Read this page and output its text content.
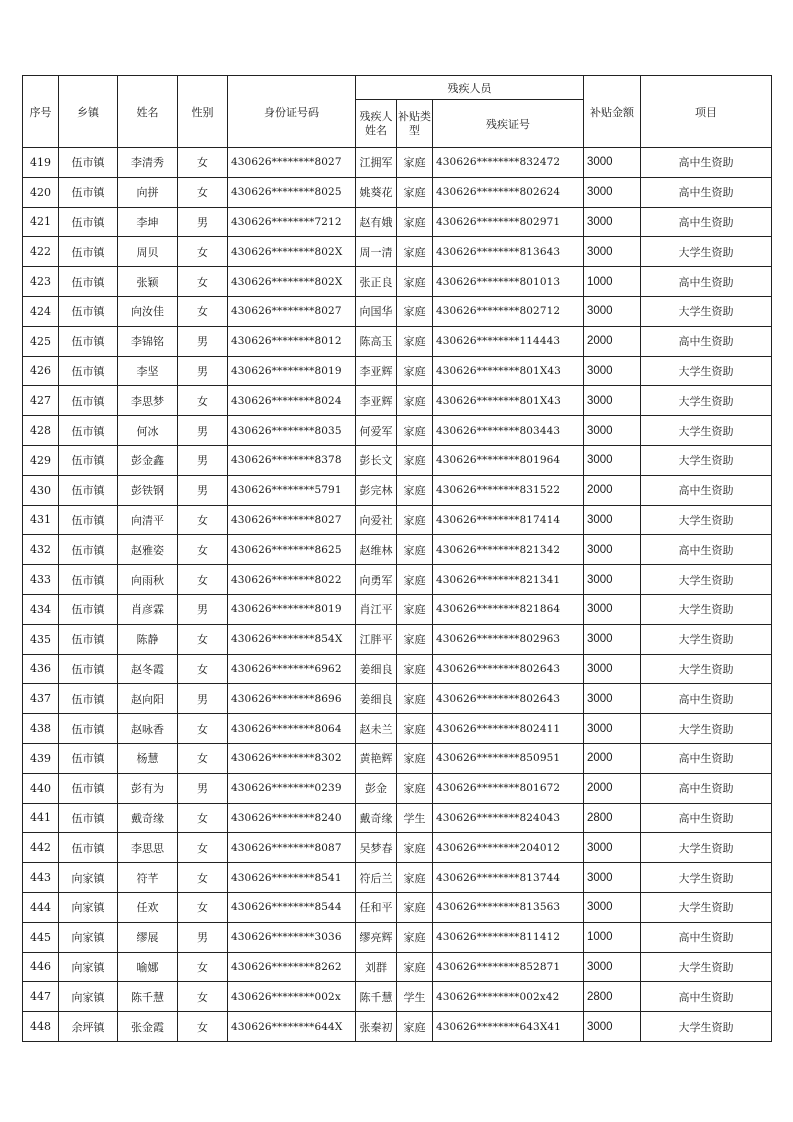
序号	乡镇	姓名	性别	身份证号码	残疾人员			补贴金额	项目
					残疾人姓名	补贴类型	残疾证号		
419	伍市镇	李清秀	女	430626********8027	江拥军	家庭	430626********832472	3000	高中生资助
420	伍市镇	向拼	女	430626********8025	姚葵花	家庭	430626********802624	3000	高中生资助
421	伍市镇	李坤	男	430626********7212	赵有娥	家庭	430626********802971	3000	高中生资助
422	伍市镇	周贝	女	430626********802X	周一清	家庭	430626********813643	3000	大学生资助
423	伍市镇	张颖	女	430626********802X	张正良	家庭	430626********801013	1000	高中生资助
424	伍市镇	向汝佳	女	430626********8027	向国华	家庭	430626********802712	3000	大学生资助
425	伍市镇	李锦铭	男	430626********8012	陈高玉	家庭	430626********114443	2000	高中生资助
426	伍市镇	李坚	男	430626********8019	李亚辉	家庭	430626********801X43	3000	大学生资助
427	伍市镇	李思梦	女	430626********8024	李亚辉	家庭	430626********801X43	3000	大学生资助
428	伍市镇	何冰	男	430626********8035	何爱军	家庭	430626********803443	3000	大学生资助
429	伍市镇	彭金鑫	男	430626********8378	彭长文	家庭	430626********801964	3000	大学生资助
430	伍市镇	彭铁钢	男	430626********5791	彭完林	家庭	430626********831522	2000	高中生资助
431	伍市镇	向清平	女	430626********8027	向爱社	家庭	430626********817414	3000	大学生资助
432	伍市镇	赵雅姿	女	430626********8625	赵维林	家庭	430626********821342	3000	高中生资助
433	伍市镇	向雨秋	女	430626********8022	向勇军	家庭	430626********821341	3000	大学生资助
434	伍市镇	肖彦霖	男	430626********8019	肖江平	家庭	430626********821864	3000	大学生资助
435	伍市镇	陈静	女	430626********854X	江胖平	家庭	430626********802963	3000	大学生资助
436	伍市镇	赵冬霞	女	430626********6962	姜细良	家庭	430626********802643	3000	大学生资助
437	伍市镇	赵向阳	男	430626********8696	姜细良	家庭	430626********802643	3000	高中生资助
438	伍市镇	赵咏香	女	430626********8064	赵未兰	家庭	430626********802411	3000	大学生资助
439	伍市镇	杨慧	女	430626********8302	黄艳辉	家庭	430626********850951	2000	高中生资助
440	伍市镇	彭有为	男	430626********0239	彭金	家庭	430626********801672	2000	高中生资助
441	伍市镇	戴奇缘	女	430626********8240	戴奇缘	学生	430626********824043	2800	高中生资助
442	伍市镇	李思思	女	430626********8087	吴梦春	家庭	430626********204012	3000	大学生资助
443	向家镇	符芊	女	430626********8541	符后兰	家庭	430626********813744	3000	大学生资助
444	向家镇	任欢	女	430626********8544	任和平	家庭	430626********813563	3000	大学生资助
445	向家镇	缪展	男	430626********3036	缪亮辉	家庭	430626********811412	1000	高中生资助
446	向家镇	喻娜	女	430626********8262	刘群	家庭	430626********852871	3000	大学生资助
447	向家镇	陈千慧	女	430626********002x	陈千慧	学生	430626********002x42	2800	高中生资助
448	余坪镇	张金霞	女	430626********644X	张秦初	家庭	430626********643X41	3000	大学生资助
